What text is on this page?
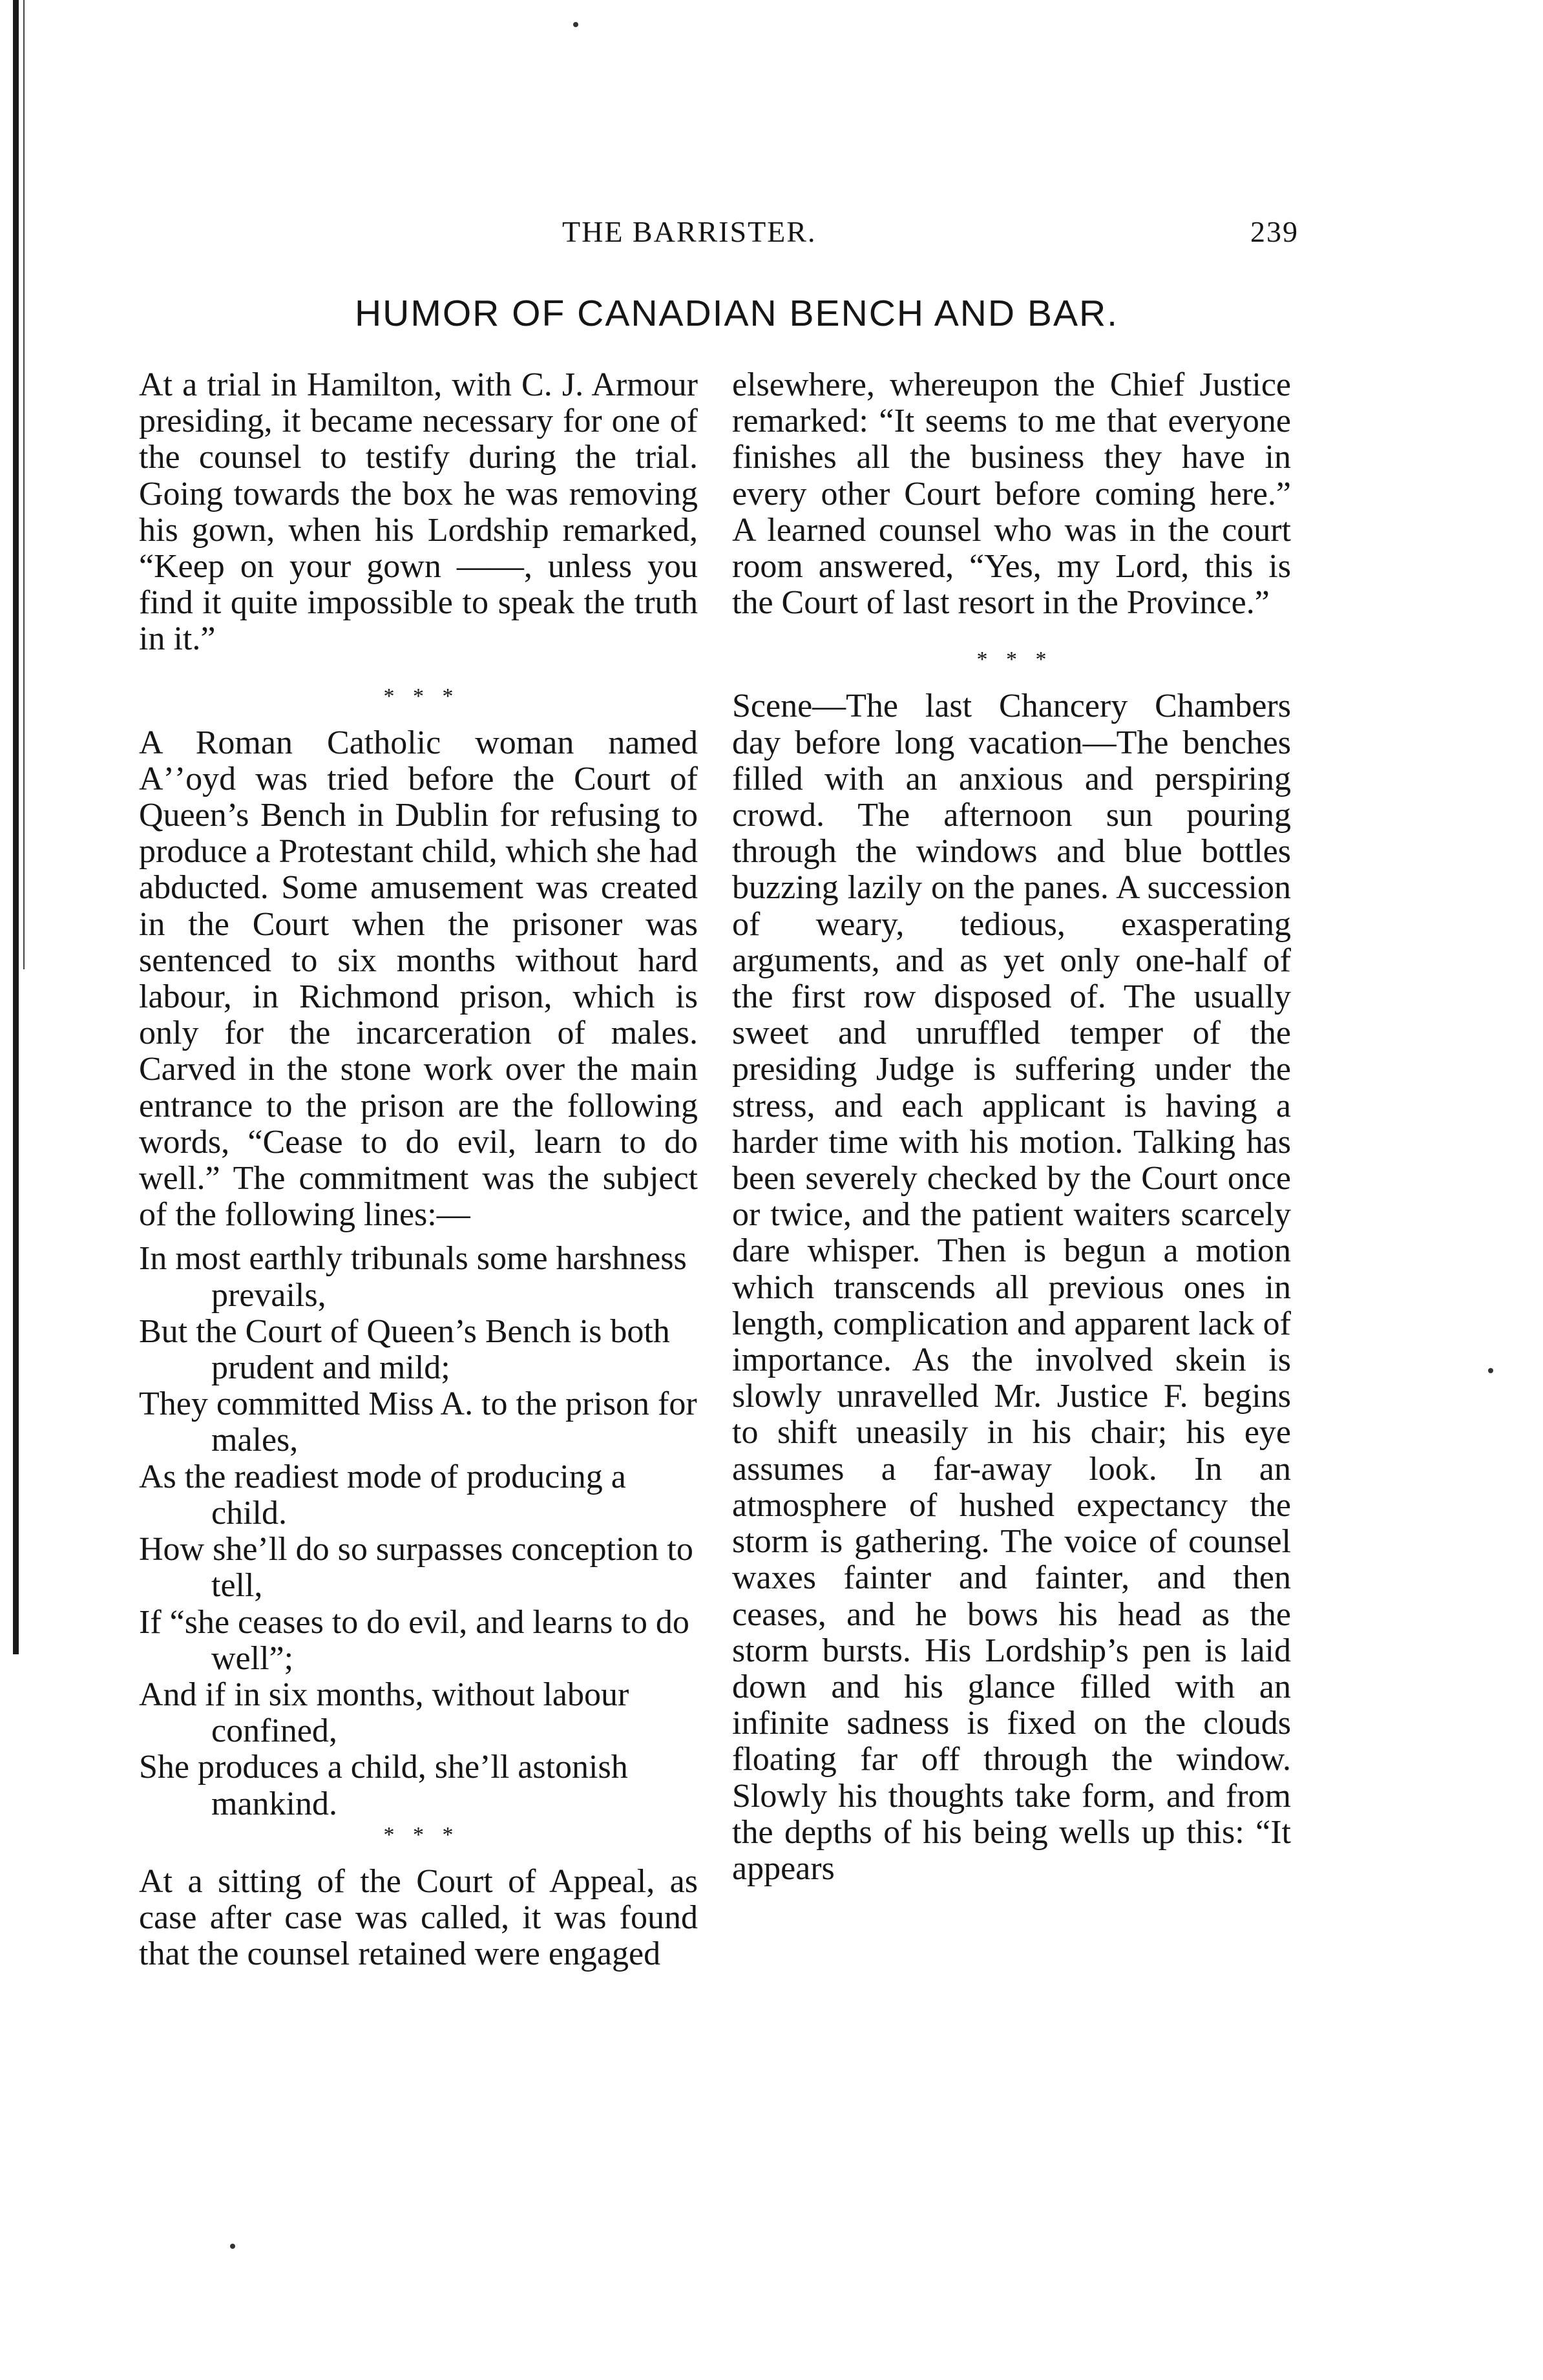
THE BARRISTER.	239
HUMOR OF CANADIAN BENCH AND BAR.

At a trial in Hamilton, with C. J. Armour presiding, it became necessary for one of the counsel to testify during the trial. Going towards the box he was removing his gown, when his Lordship remarked, “Keep on your gown ——, unless you find it quite impossible to speak the truth in it.”

* * *

A Roman Catholic woman named Aʼʼoyd was tried before the Court of Queen’s Bench in Dublin for refusing to produce a Protestant child, which she had abducted. Some amusement was created in the Court when the prisoner was sentenced to six months without hard labour, in Richmond prison, which is only for the incarceration of males. Carved in the stone work over the main entrance to the prison are the following words, “Cease to do evil, learn to do well.” The commitment was the subject of the following lines:—

In most earthly tribunals some harshness prevails,
But the Court of Queen’s Bench is both prudent and mild;
They committed Miss A. to the prison for males,
As the readiest mode of producing a child.
How she’ll do so surpasses conception to tell,
If “she ceases to do evil, and learns to do well”;
And if in six months, without labour confined,
She produces a child, she’ll astonish mankind.

* * *

At a sitting of the Court of Appeal, as case after case was called, it was found that the counsel retained were engaged

elsewhere, whereupon the Chief Justice remarked: “It seems to me that everyone finishes all the business they have in every other Court before coming here.” A learned counsel who was in the court room answered, “Yes, my Lord, this is the Court of last resort in the Province.”

* * *

Scene—The last Chancery Chambers day before long vacation—The benches filled with an anxious and perspiring crowd. The afternoon sun pouring through the windows and blue bottles buzzing lazily on the panes. A succession of weary, tedious, exasperating arguments, and as yet only one-half of the first row disposed of. The usually sweet and unruffled temper of the presiding Judge is suffering under the stress, and each applicant is having a harder time with his motion. Talking has been severely checked by the Court once or twice, and the patient waiters scarcely dare whisper. Then is begun a motion which transcends all previous ones in length, complication and apparent lack of importance. As the involved skein is slowly unravelled Mr. Justice F. begins to shift uneasily in his chair; his eye assumes a far-away look. In an atmosphere of hushed expectancy the storm is gathering. The voice of counsel waxes fainter and fainter, and then ceases, and he bows his head as the storm bursts. His Lordship’s pen is laid down and his glance filled with an infinite sadness is fixed on the clouds floating far off through the window. Slowly his thoughts take form, and from the depths of his being wells up this: “It appears
